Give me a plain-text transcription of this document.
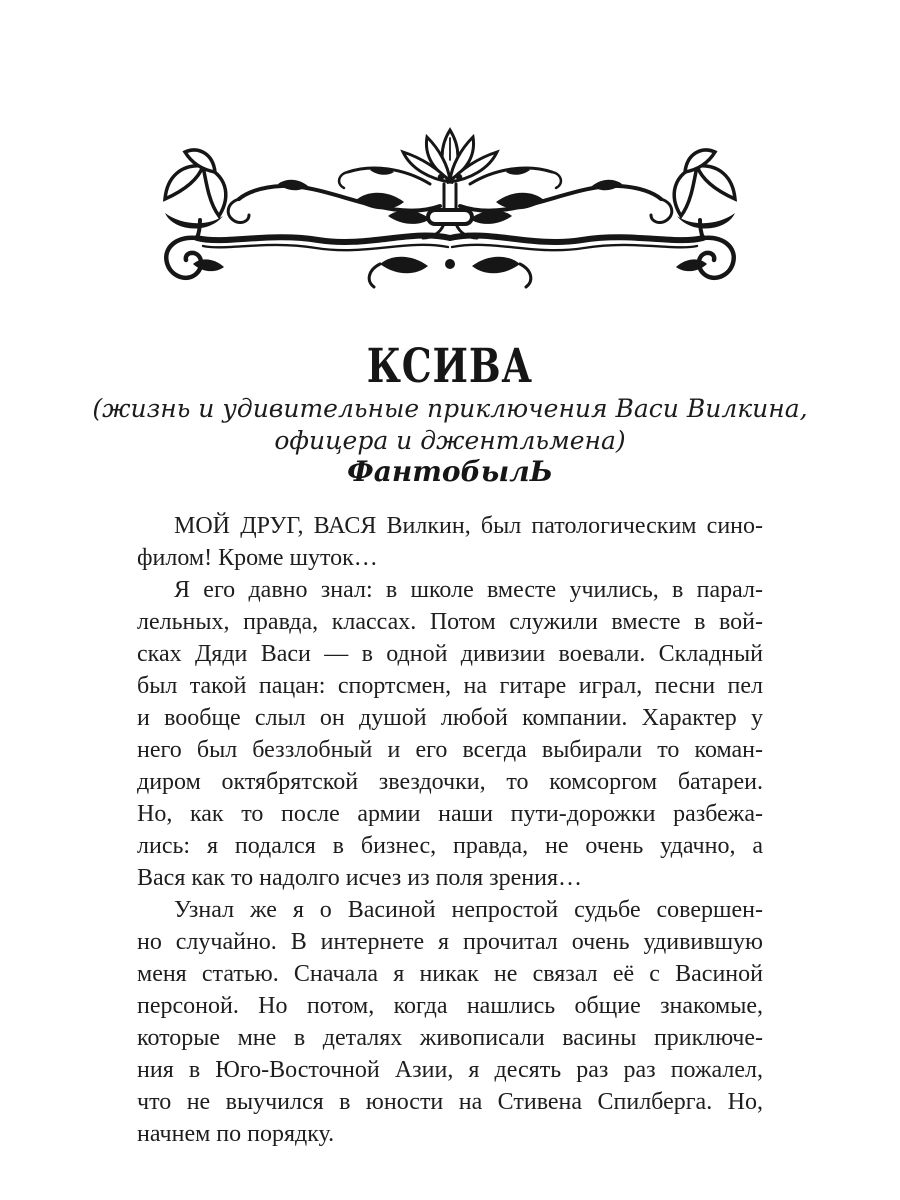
КСИВА
(жизнь и удивительные приключения Васи Вилкина,
офицера и джентльмена)
ФантобылЬ
МОЙ ДРУГ, ВАСЯ Вилкин, был патологическим сино-
филом! Кроме шуток…
Я его давно знал: в школе вместе учились, в парал-
лельных, правда, классах. Потом служили вместе в вой-
сках Дяди Васи — в одной дивизии воевали. Складный
был такой пацан: спортсмен, на гитаре играл, песни пел
и вообще слыл он душой любой компании. Характер у
него был беззлобный и его всегда выбирали то коман-
диром октябрятской звездочки, то комсоргом батареи.
Но, как то после армии наши пути-дорожки разбежа-
лись: я подался в бизнес, правда, не очень удачно, а
Вася как то надолго исчез из поля зрения…
Узнал же я о Васиной непростой судьбе совершен-
но случайно. В интернете я прочитал очень удивившую
меня статью. Сначала я никак не связал её с Васиной
персоной. Но потом, когда нашлись общие знакомые,
которые мне в деталях живописали васины приключе-
ния в Юго-Восточной Азии, я десять раз раз пожалел,
что не выучился в юности на Стивена Спилберга. Но,
начнем по порядку.
